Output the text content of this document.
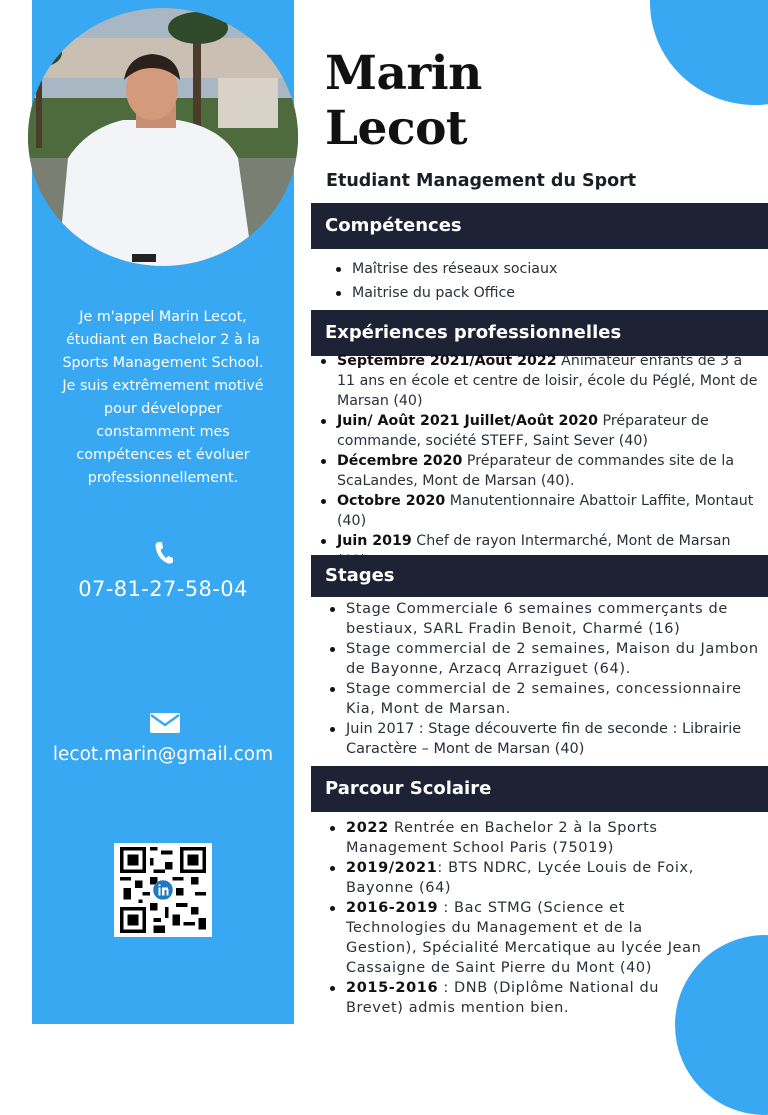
Marin
Lecot
Etudiant Management du Sport
Je m'appel Marin Lecot, étudiant en Bachelor 2 à la Sports Management School. Je suis extrêmement motivé pour développer constamment mes compétences et évoluer professionnellement.
07-81-27-58-04
lecot.marin@gmail.com
Compétences
Maîtrise des réseaux sociaux
Maitrise du pack Office
Expériences professionnelles
Septembre 2021/Août 2022 Animateur enfants de 3 à 11 ans en école et centre de loisir, école du Péglé, Mont de Marsan (40)
Juin/ Août 2021 Juillet/Août 2020 Préparateur de commande, société STEFF, Saint Sever (40)
Décembre 2020 Préparateur de commandes site de la ScaLandes, Mont de Marsan (40).
Octobre 2020 Manutentionnaire Abattoir Laffite, Montaut (40)
Juin 2019 Chef de rayon Intermarché, Mont de Marsan
Stages
Stage Commerciale 6 semaines commerçants de bestiaux, SARL Fradin Benoit, Charmé (16)
Stage commercial de 2 semaines, Maison du Jambon de Bayonne, Arzacq Arraziguet (64).
Stage commercial de 2 semaines, concessionnaire Kia, Mont de Marsan.
Juin 2017 : Stage découverte fin de seconde : Librairie Caractère – Mont de Marsan (40)
Parcour Scolaire
2022 Rentrée en Bachelor 2 à la Sports Management School Paris (75019)
2019/2021: BTS NDRC, Lycée Louis de Foix, Bayonne (64)
2016-2019 : Bac STMG (Science et Technologies du Management et de la Gestion), Spécialité Mercatique au lycée Jean Cassaigne de Saint Pierre du Mont (40)
2015-2016 : DNB (Diplôme National du Brevet) admis mention bien.
